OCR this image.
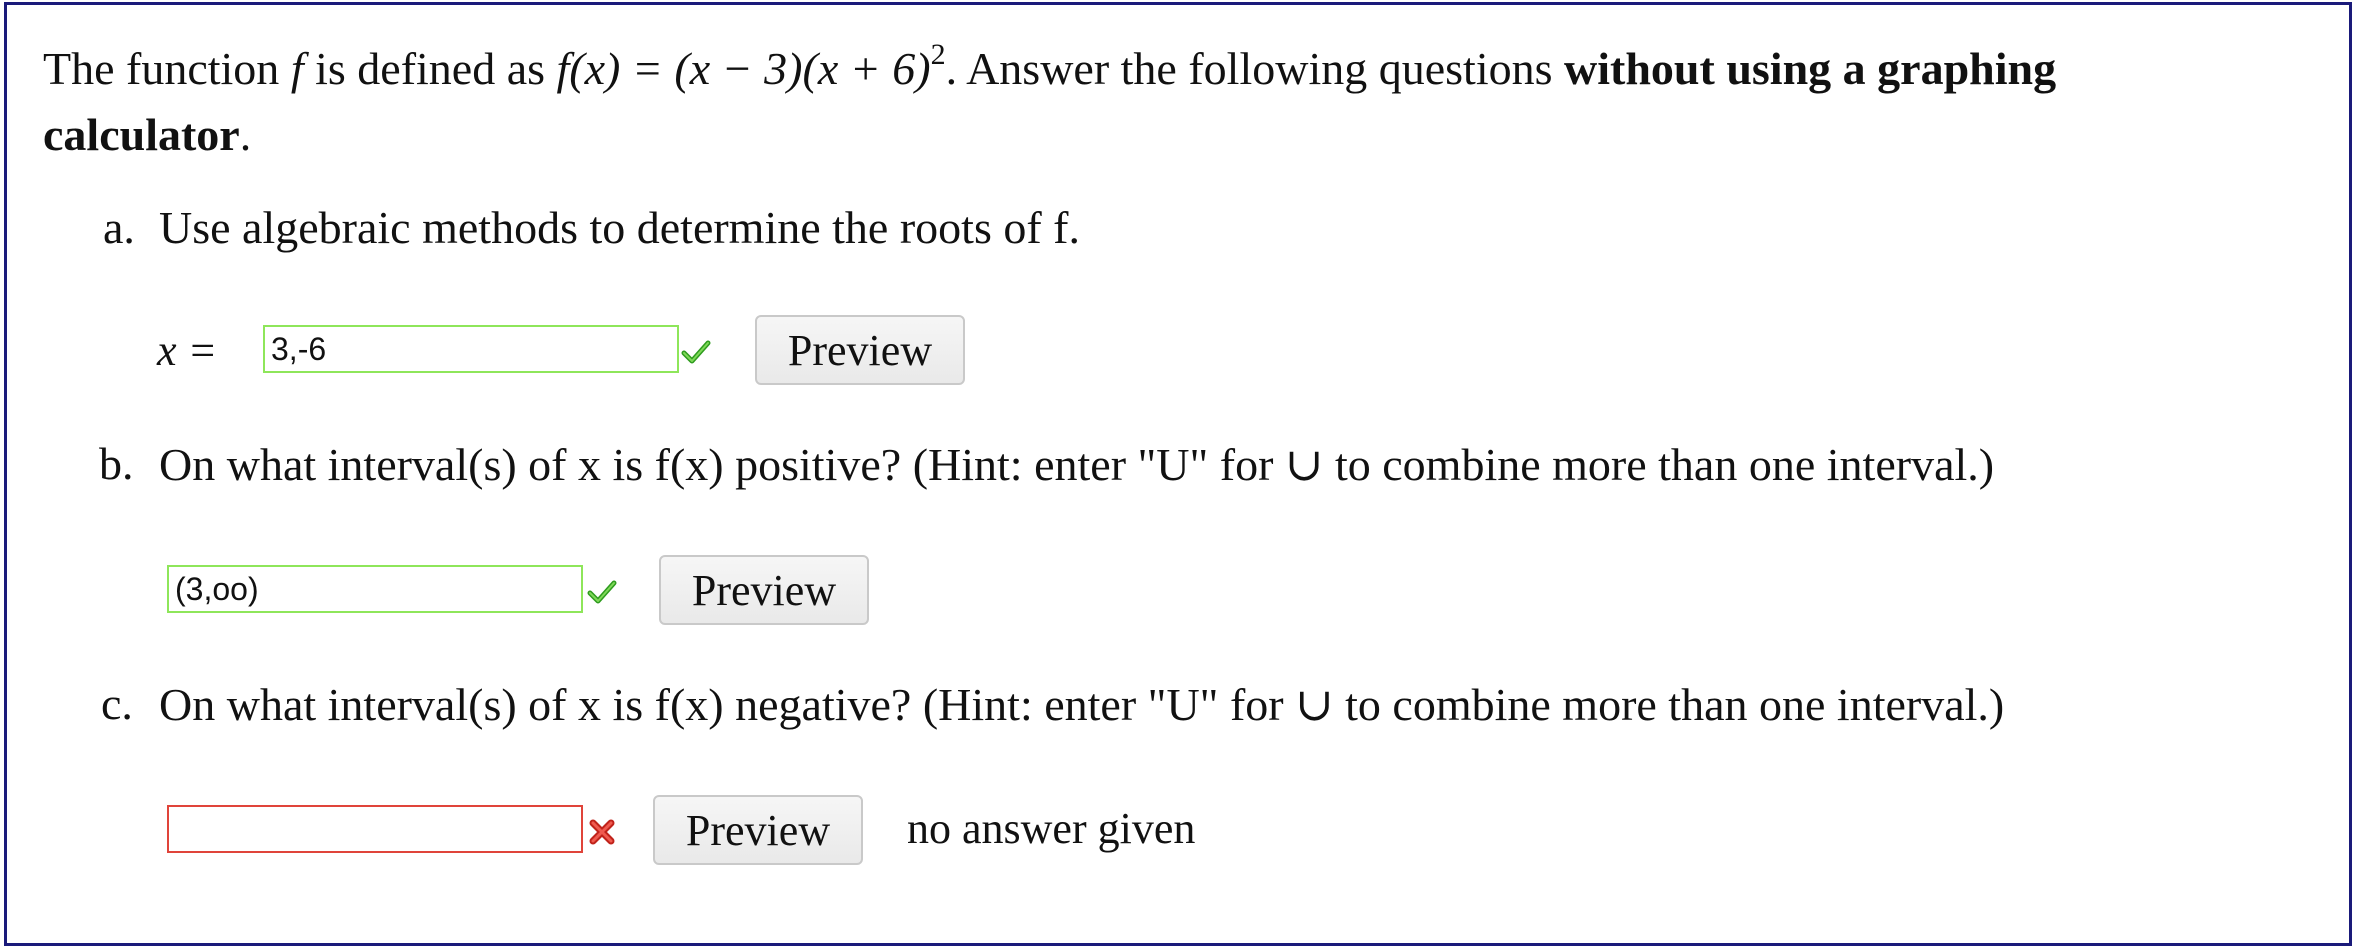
The function f is defined as $f(x) = (x - 3)(x + 6)^2$. Answer the following questions without using a graphing
calculator.
a. Use algebraic methods to determine the roots of f.
x = 3,-6	Preview
b. On what interval(s) of x is f(x) positive? (Hint: enter "U" for ∪ to combine more than one interval.)
(3,oo)	Preview
c. On what interval(s) of x is f(x) negative? (Hint: enter "U" for ∪ to combine more than one interval.)
Preview	no answer given
